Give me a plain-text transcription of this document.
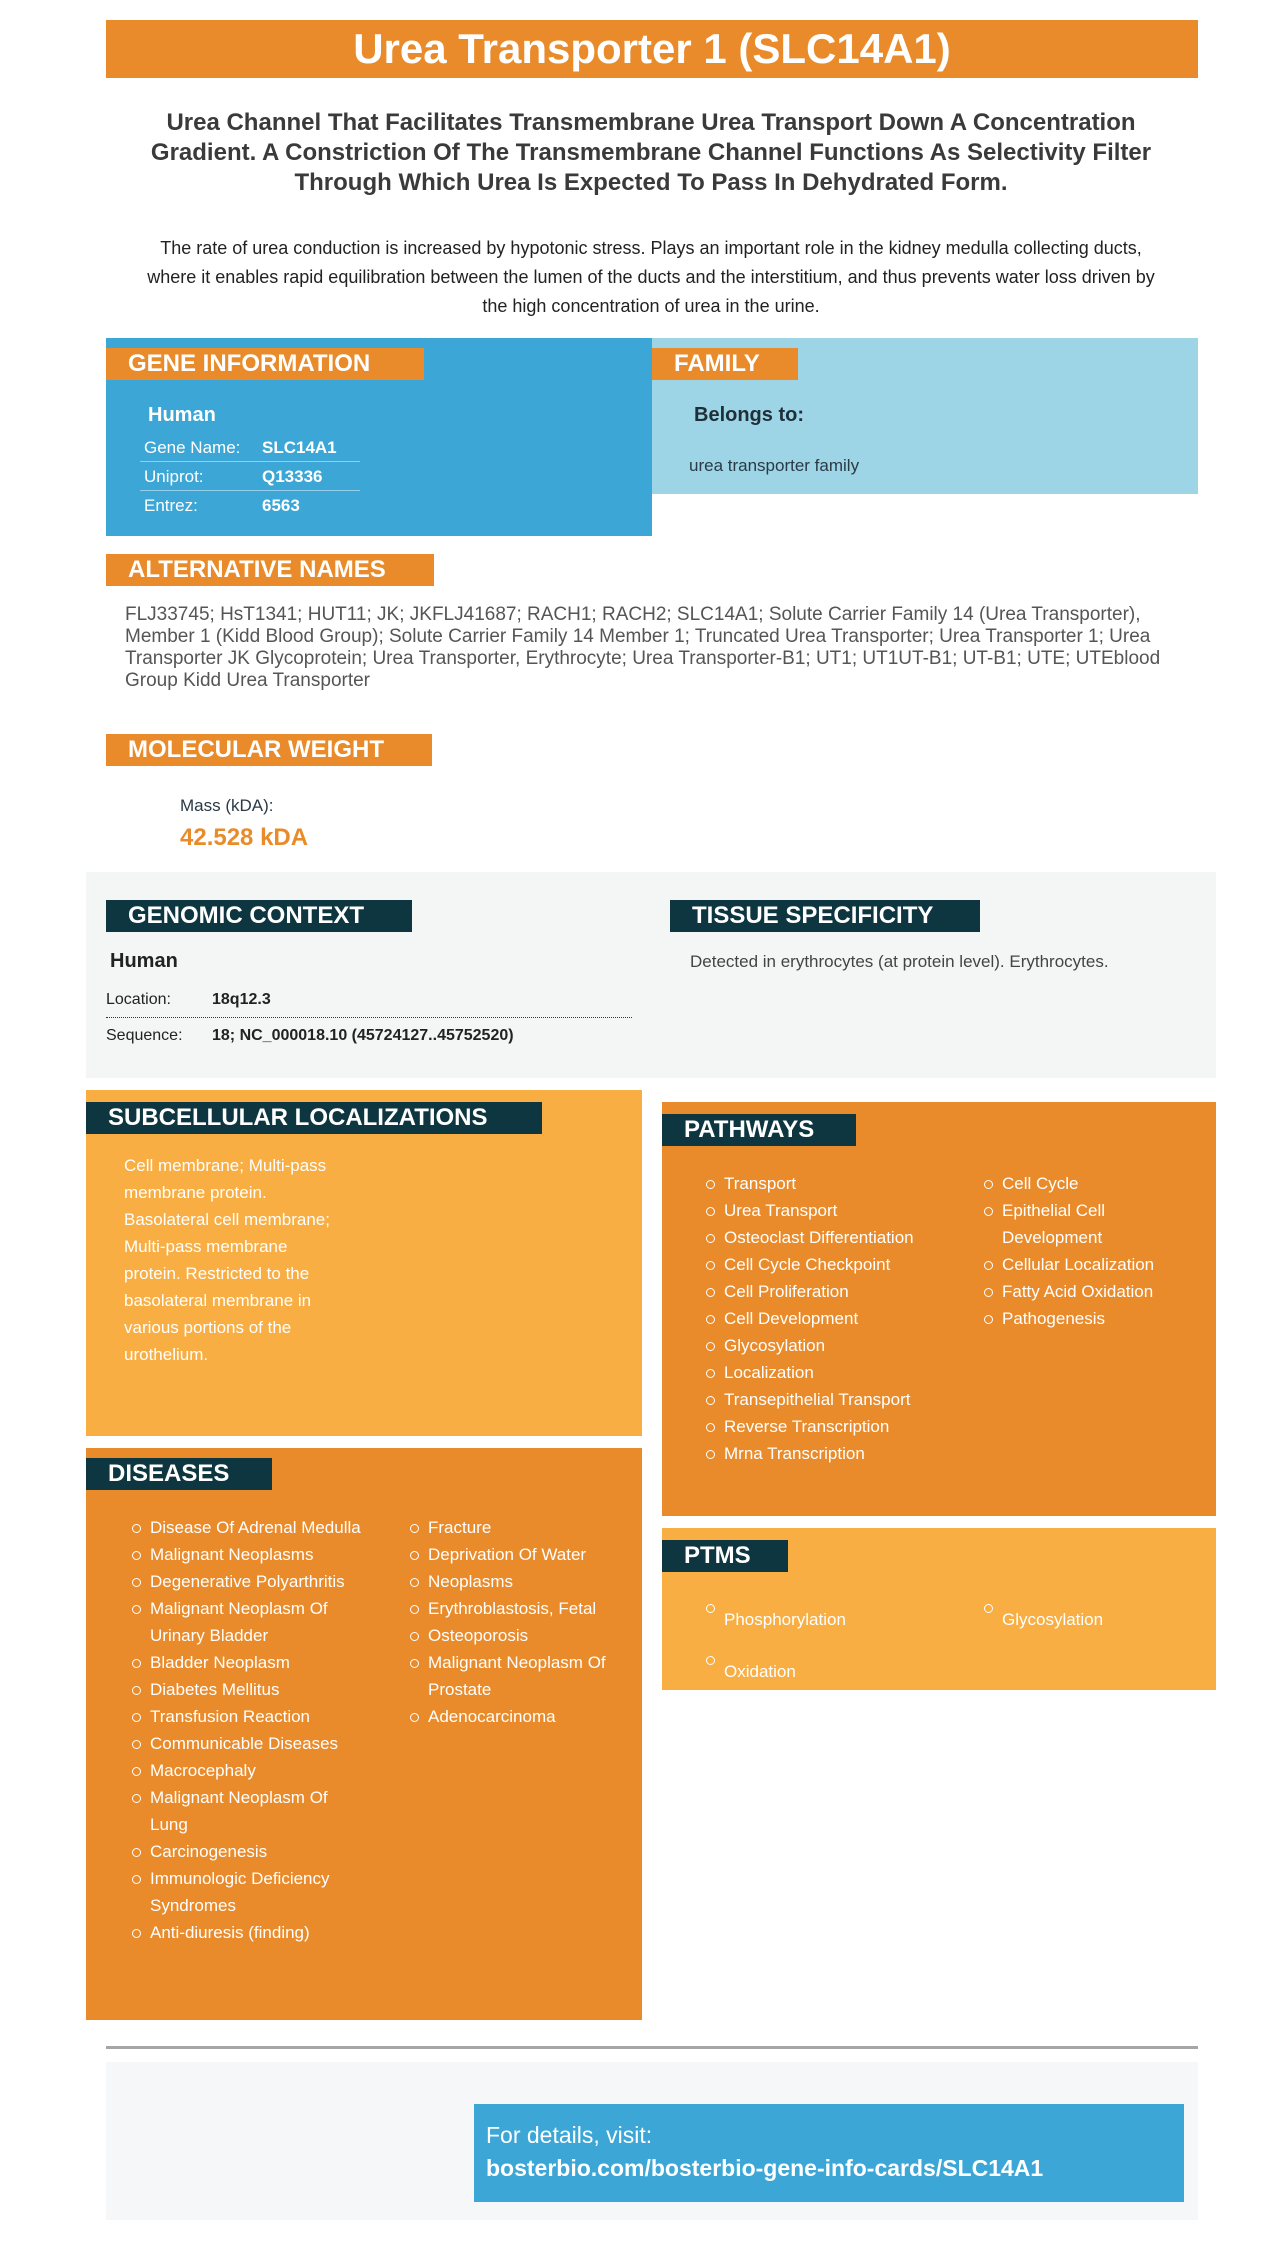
Urea Transporter 1 (SLC14A1)
Urea Channel That Facilitates Transmembrane Urea Transport Down A Concentration Gradient. A Constriction Of The Transmembrane Channel Functions As Selectivity Filter Through Which Urea Is Expected To Pass In Dehydrated Form.
The rate of urea conduction is increased by hypotonic stress. Plays an important role in the kidney medulla collecting ducts, where it enables rapid equilibration between the lumen of the ducts and the interstitium, and thus prevents water loss driven by the high concentration of urea in the urine.
GENE INFORMATION
Human
Gene Name: SLC14A1
Uniprot:	Q13336
Entrez:	6563
FAMILY
Belongs to:
urea transporter family
ALTERNATIVE NAMES
FLJ33745; HsT1341; HUT11; JK; JKFLJ41687; RACH1; RACH2; SLC14A1; Solute Carrier Family 14 (Urea Transporter), Member 1 (Kidd Blood Group); Solute Carrier Family 14 Member 1; Truncated Urea Transporter; Urea Transporter 1; Urea Transporter JK Glycoprotein; Urea Transporter, Erythrocyte; Urea Transporter-B1; UT1; UT1UT-B1; UT-B1; UTE; UTEblood Group Kidd Urea Transporter
MOLECULAR WEIGHT
Mass (kDA):
42.528 kDA
GENOMIC CONTEXT
Human
Location:	18q12.3
Sequence: 18; NC_000018.10 (45724127..45752520)
TISSUE SPECIFICITY
Detected in erythrocytes (at protein level). Erythrocytes.
SUBCELLULAR LOCALIZATIONS
Cell membrane; Multi-pass membrane protein. Basolateral cell membrane; Multi-pass membrane protein. Restricted to the basolateral membrane in various portions of the urothelium.
DISEASES
Disease Of Adrenal Medulla
Malignant Neoplasms
Degenerative Polyarthritis
Malignant Neoplasm Of Urinary Bladder
Bladder Neoplasm
Diabetes Mellitus
Transfusion Reaction
Communicable Diseases
Macrocephaly
Malignant Neoplasm Of Lung
Carcinogenesis
Immunologic Deficiency Syndromes
Anti-diuresis (finding)
Fracture
Deprivation Of Water
Neoplasms
Erythroblastosis, Fetal
Osteoporosis
Malignant Neoplasm Of Prostate
Adenocarcinoma
PATHWAYS
Transport
Urea Transport
Osteoclast Differentiation
Cell Cycle Checkpoint
Cell Proliferation
Cell Development
Glycosylation
Localization
Transepithelial Transport
Reverse Transcription
Mrna Transcription
Cell Cycle
Epithelial Cell Development
Cellular Localization
Fatty Acid Oxidation
Pathogenesis
PTMS
Phosphorylation
Oxidation
Glycosylation
For details, visit:
bosterbio.com/bosterbio-gene-info-cards/SLC14A1
